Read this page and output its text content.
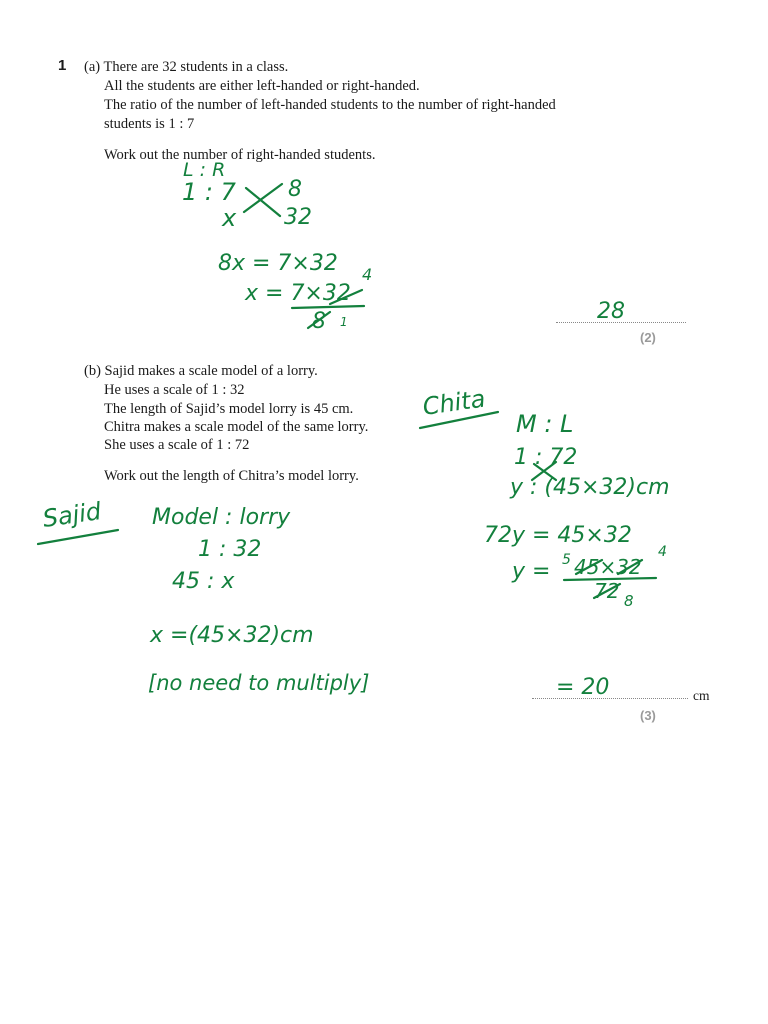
1 (a) There are 32 students in a class.
All the students are either left-handed or right-handed.
The ratio of the number of left-handed students to the number of right-handed
students is 1 : 7
Work out the number of right-handed students.
(2)
(b) Sajid makes a scale model of a lorry.
He uses a scale of 1 : 32
The length of Sajid’s model lorry is 45 cm.
Chitra makes a scale model of the same lorry.
She uses a scale of 1 : 72
Work out the length of Chitra’s model lorry.
cm
(3)
L : R
1 : 7
x
8
32
8x = 7×32
x = 7×32
4
8 1	28
Sajid Model : lorry
1 : 32
45 : x
x =(45×32)cm
[no need to multiply]
Chita
M : L
1 : 72
y : (45×32)cm
72y = 45×32
y = 5 45×32
4
72 8
= 20
